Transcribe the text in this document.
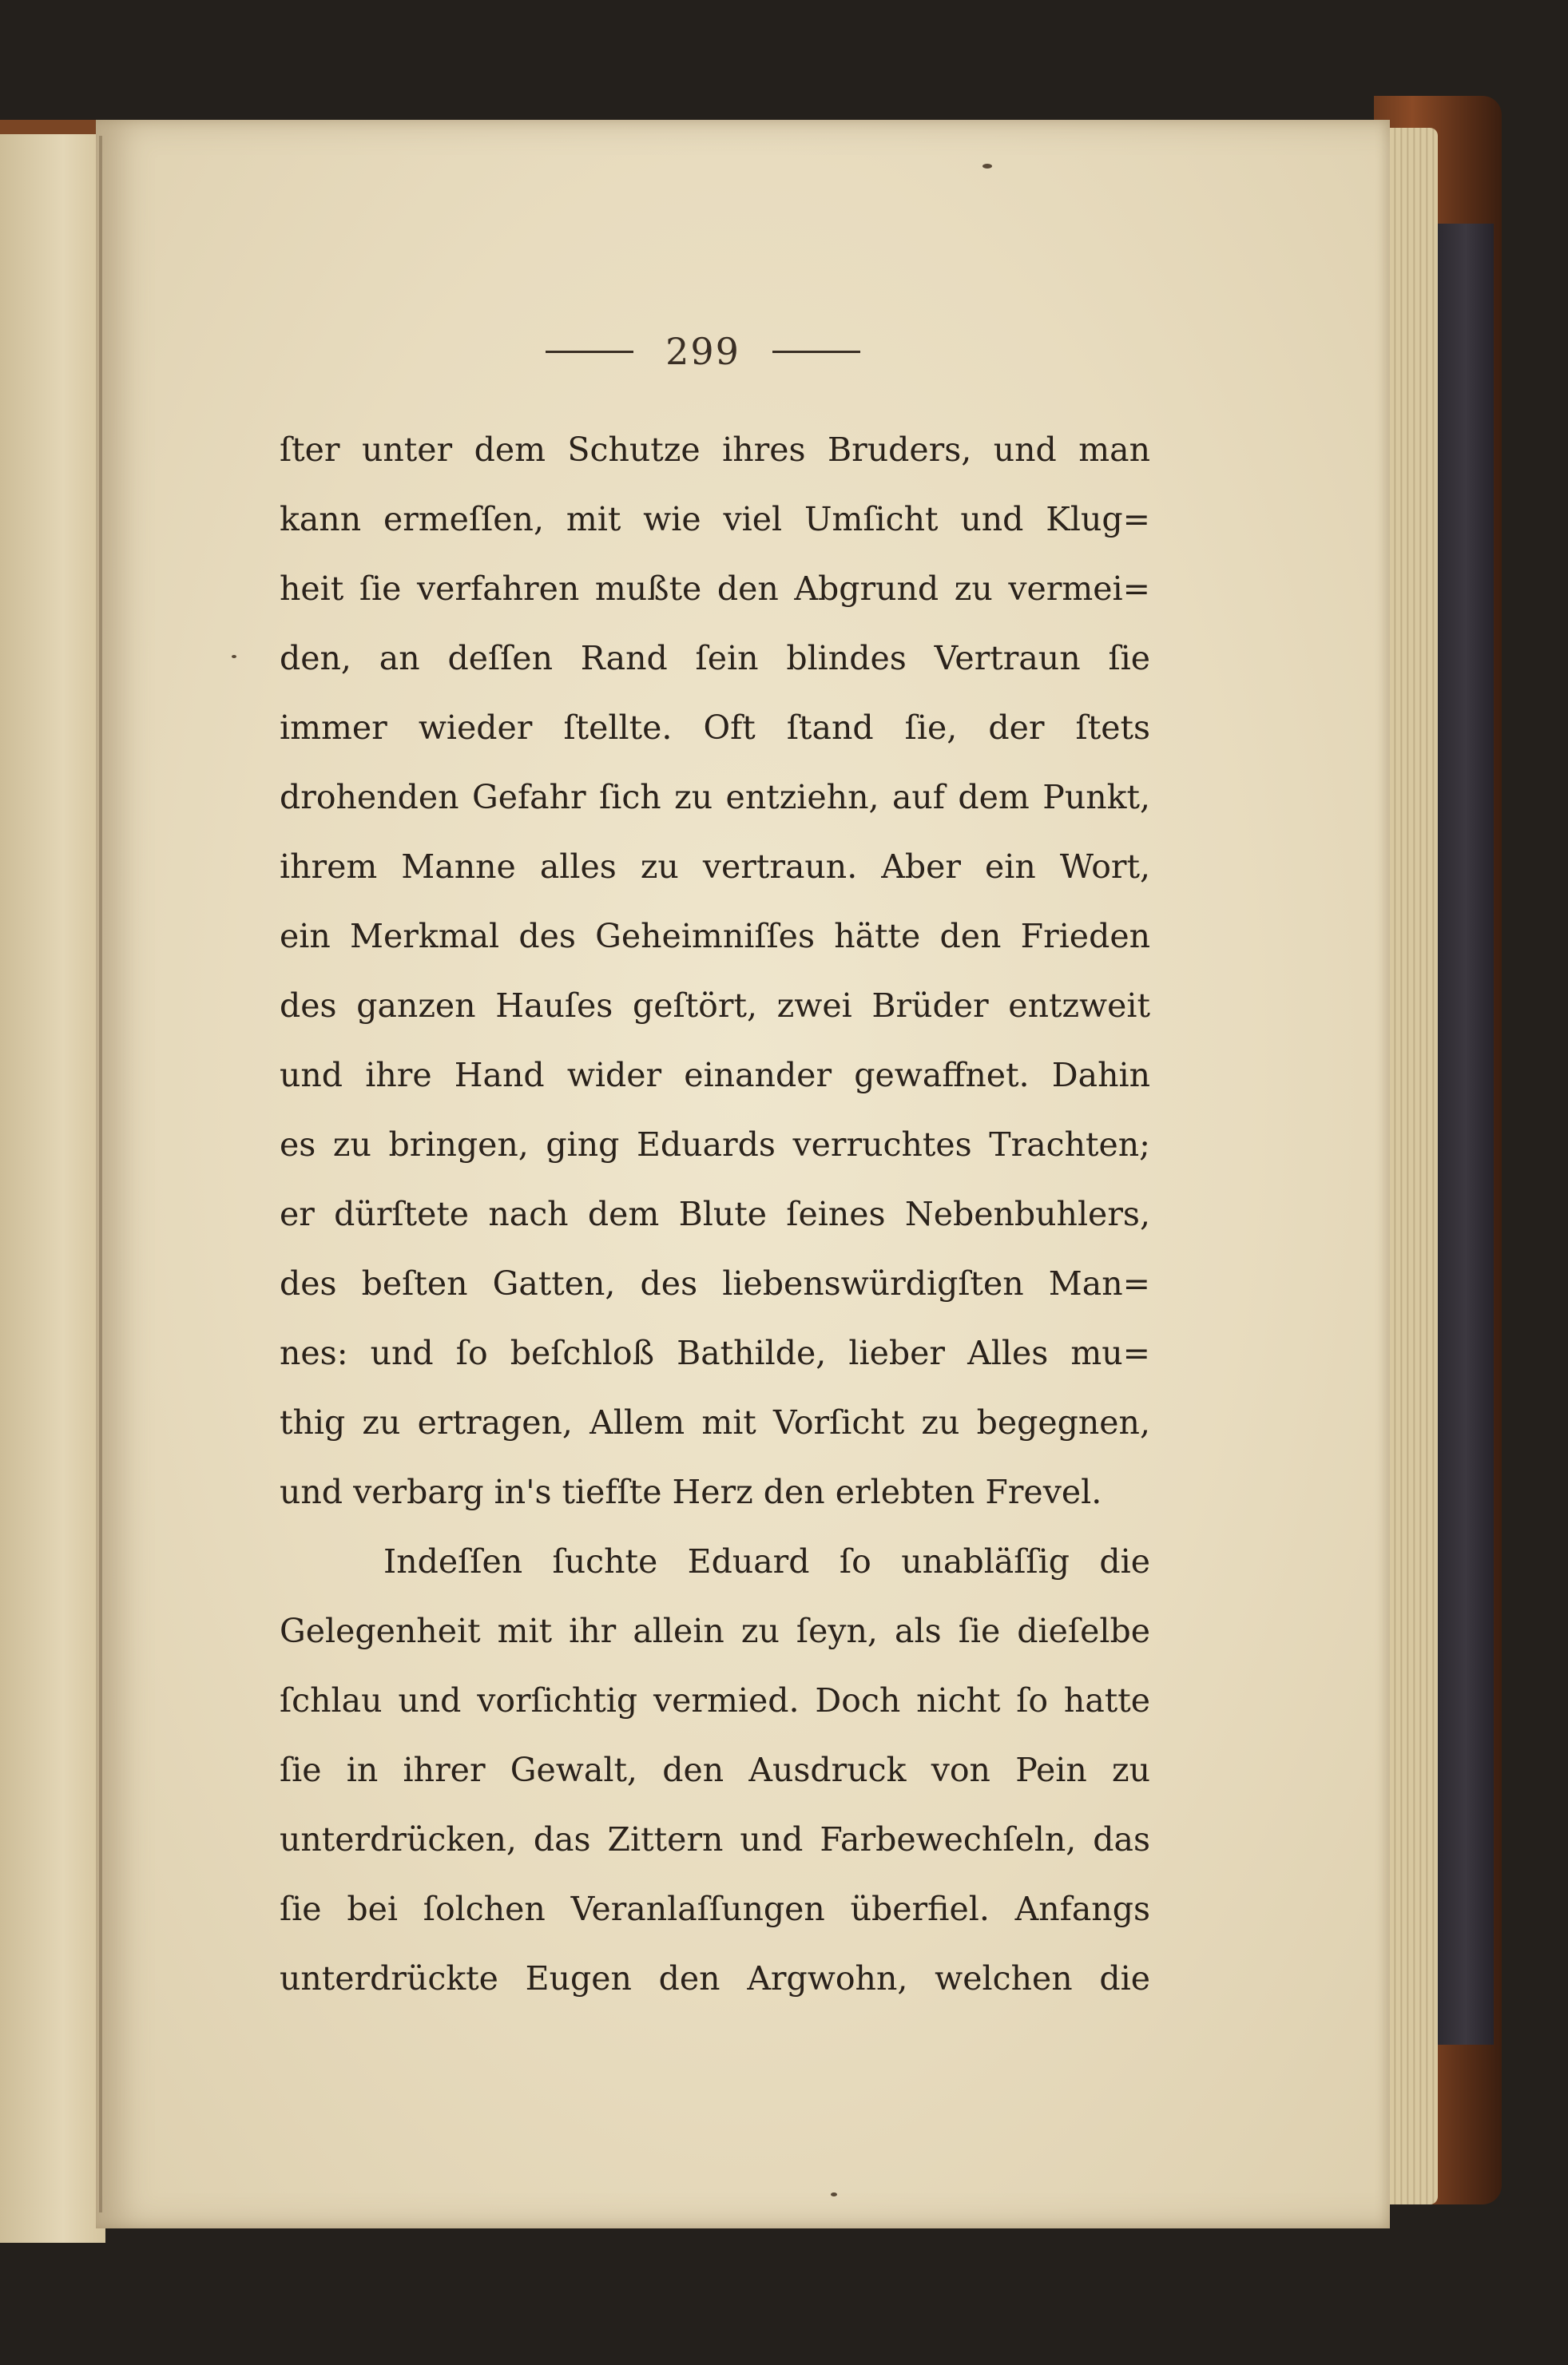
299
ſter unter dem Schutze ihres Bruders, und man
kann ermeſſen, mit wie viel Umſicht und Klug=
heit ſie verfahren mußte den Abgrund zu vermei=
den, an deſſen Rand ſein blindes Vertraun ſie
immer wieder ſtellte. Oft ſtand ſie, der ſtets
drohenden Gefahr ſich zu entziehn, auf dem Punkt,
ihrem Manne alles zu vertraun. Aber ein Wort,
ein Merkmal des Geheimniſſes hätte den Frieden
des ganzen Hauſes geſtört, zwei Brüder entzweit
und ihre Hand wider einander gewaffnet. Dahin
es zu bringen, ging Eduards verruchtes Trachten;
er dürſtete nach dem Blute ſeines Nebenbuhlers,
des beſten Gatten, des liebenswürdigſten Man=
nes: und ſo beſchloß Bathilde, lieber Alles mu=
thig zu ertragen, Allem mit Vorſicht zu begegnen,
und verbarg in's tiefſte Herz den erlebten Frevel.
Indeſſen ſuchte Eduard ſo unabläſſig die
Gelegenheit mit ihr allein zu ſeyn, als ſie dieſelbe
ſchlau und vorſichtig vermied. Doch nicht ſo hatte
ſie in ihrer Gewalt, den Ausdruck von Pein zu
unterdrücken, das Zittern und Farbewechſeln, das
ſie bei ſolchen Veranlaſſungen überfiel. Anfangs
unterdrückte Eugen den Argwohn, welchen die
